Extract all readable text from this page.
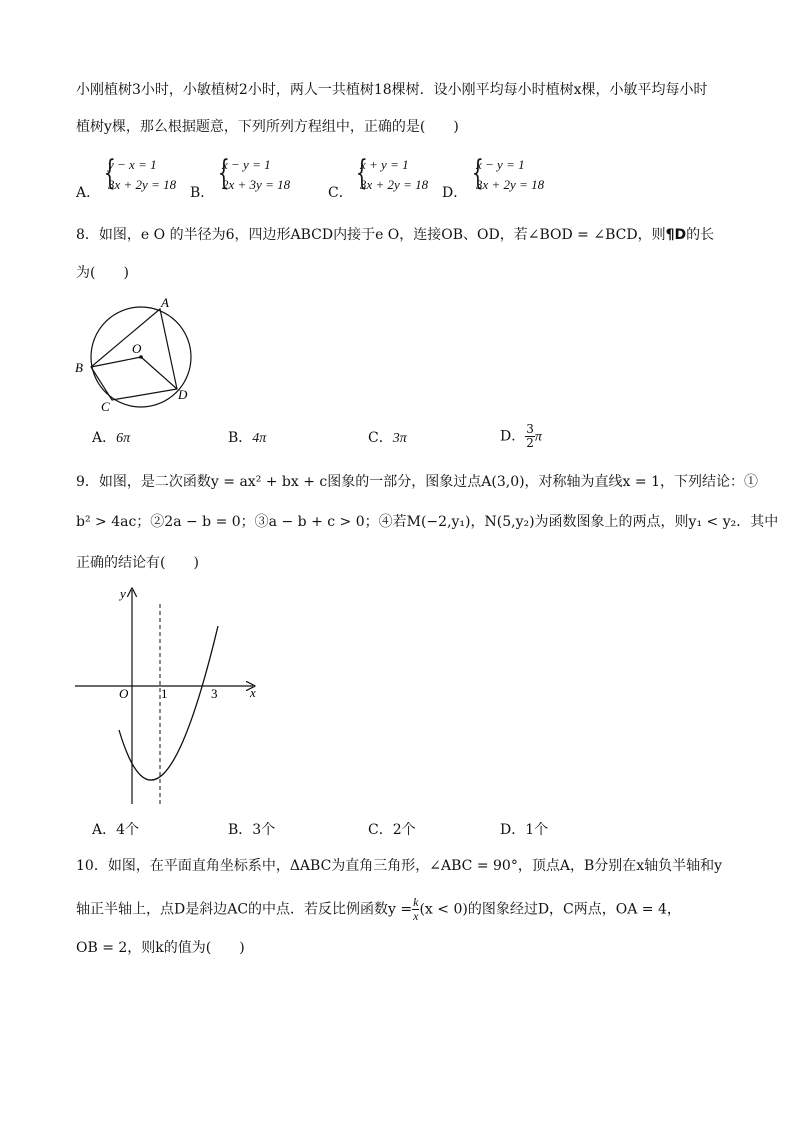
小刚植树3小时，小敏植树2小时，两人一共植树18棵树．设小刚平均每小时植树x棵，小敏平均每小时
植树y棵，那么根据题意，下列所列方程组中，正确的是(　　)
A． {
y − x = 1
3x + 2y = 18
B． {
x − y = 1
2x + 3y = 18
C． {
x + y = 1
3x + 2y = 18
D． {
x − y = 1
3x + 2y = 18
8．如图，e O 的半径为6，四边形ABCD内接于e O，连接OB、OD，若∠BOD = ∠BCD，则¶D的长
为(　　)
A
B
C
D
O
A．6π	B．4π	C．3π	D． $\frac{3}{2}$ π
9．如图，是二次函数y = ax² + bx + c图象的一部分，图象过点A(3,0)，对称轴为直线x = 1，下列结论：①
b² > 4ac；②2a − b = 0；③a − b + c > 0；④若M(−2,y₁)，N(5,y₂)为函数图象上的两点，则y₁ < y₂．其中
正确的结论有(　　)
y
x
O	1	3
A．4个	B．3个	C．2个	D．1个
10．如图，在平面直角坐标系中，ΔABC为直角三角形，∠ABC = 90°，顶点A，B分别在x轴负半轴和y
轴正半轴上，点D是斜边AC的中点．若反比例函数$y = \frac{k}{x} (x < 0)$的图象经过D，C两点，OA = 4，
OB = 2，则k的值为(　　)
